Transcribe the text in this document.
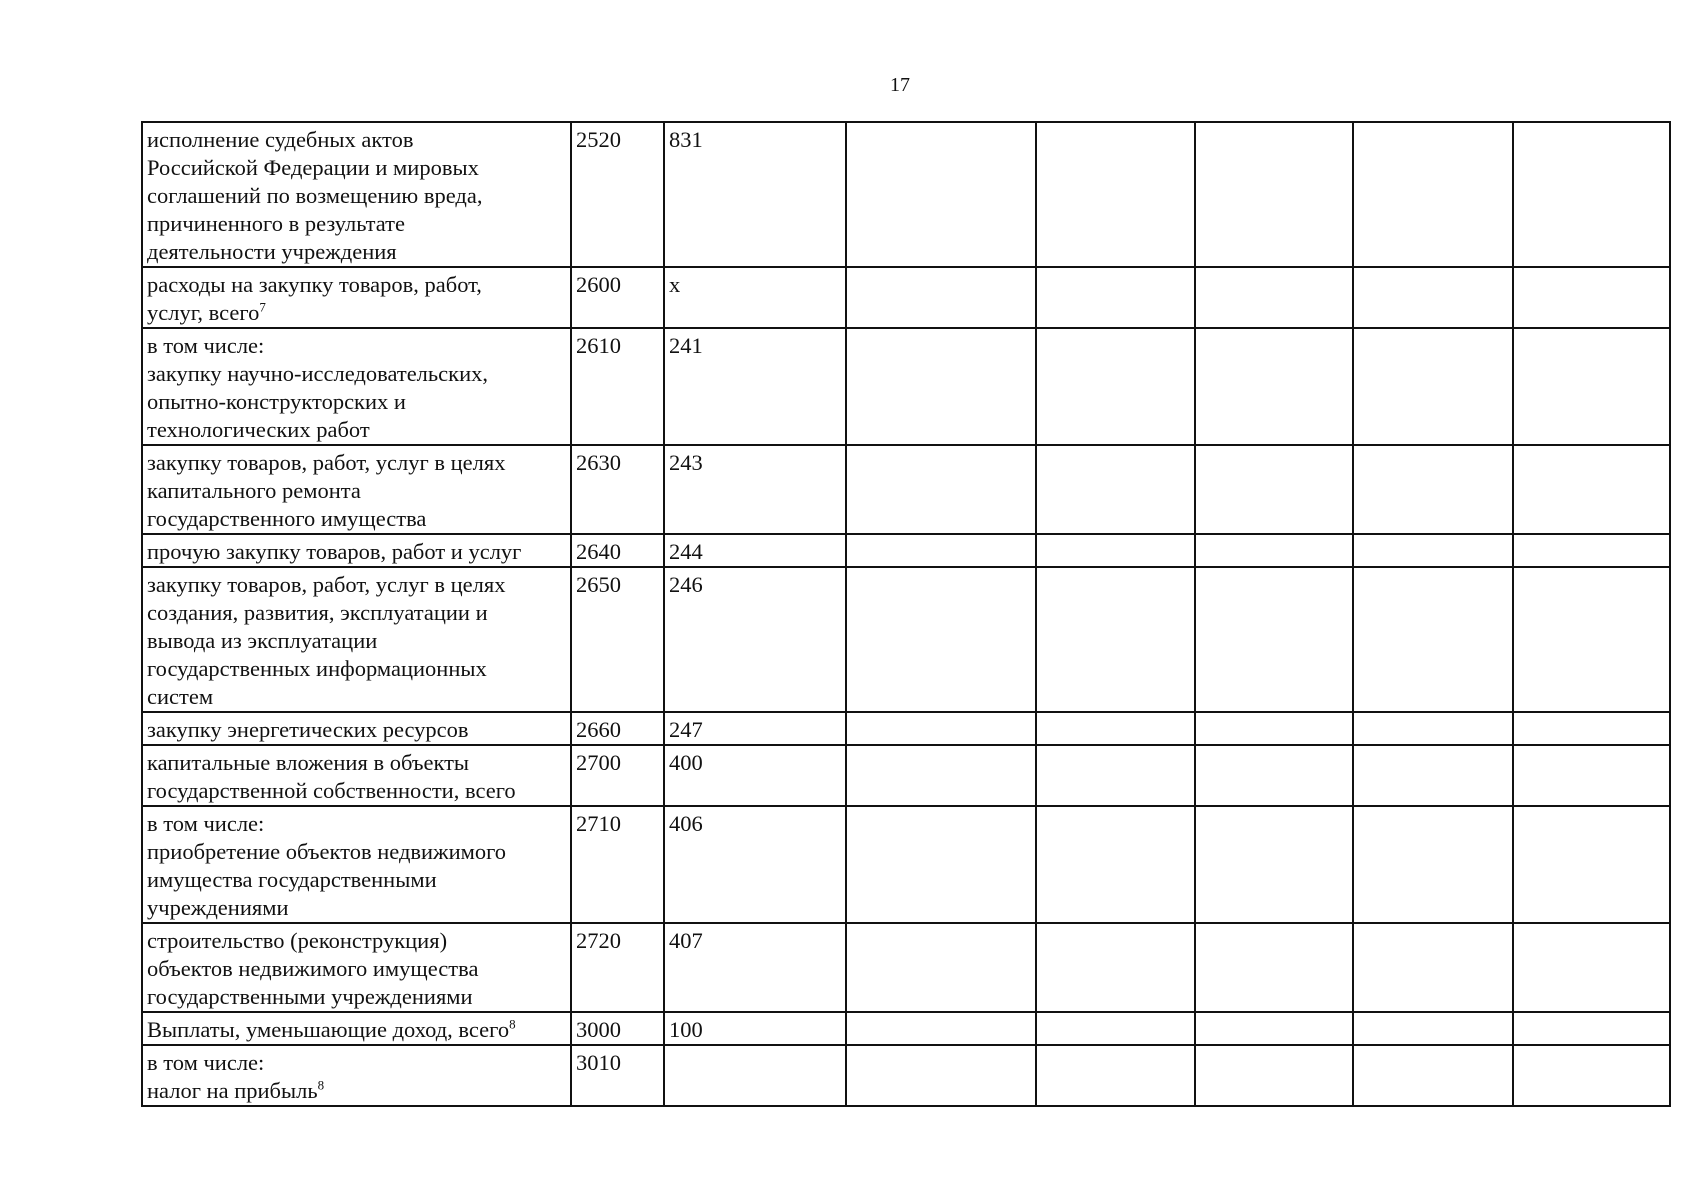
17
исполнение судебных актов
Российской Федерации и мировых
соглашений по возмещению вреда,
причиненного в результате
деятельности учреждения	2520	831						

расходы на закупку товаров, работ,
услуг, всего$^7$	2600	x						

в том числе:
закупку научно-исследовательских,
опытно-конструкторских и
технологических работ	2610	241						

закупку товаров, работ, услуг в целях
капитального ремонта
государственного имущества	2630	243						

прочую закупку товаров, работ и услуг	2640	244						

закупку товаров, работ, услуг в целях
создания, развития, эксплуатации и
вывода из эксплуатации
государственных информационных
систем	2650	246						

закупку энергетических ресурсов	2660	247						

капитальные вложения в объекты
государственной собственности, всего	2700	400						

в том числе:
приобретение объектов недвижимого
имущества государственными
учреждениями	2710	406						

строительство (реконструкция)
объектов недвижимого имущества
государственными учреждениями	2720	407						

Выплаты, уменьшающие доход, всего$^8$	3000	100						

в том числе:
налог на прибыль$^8$	3010							
